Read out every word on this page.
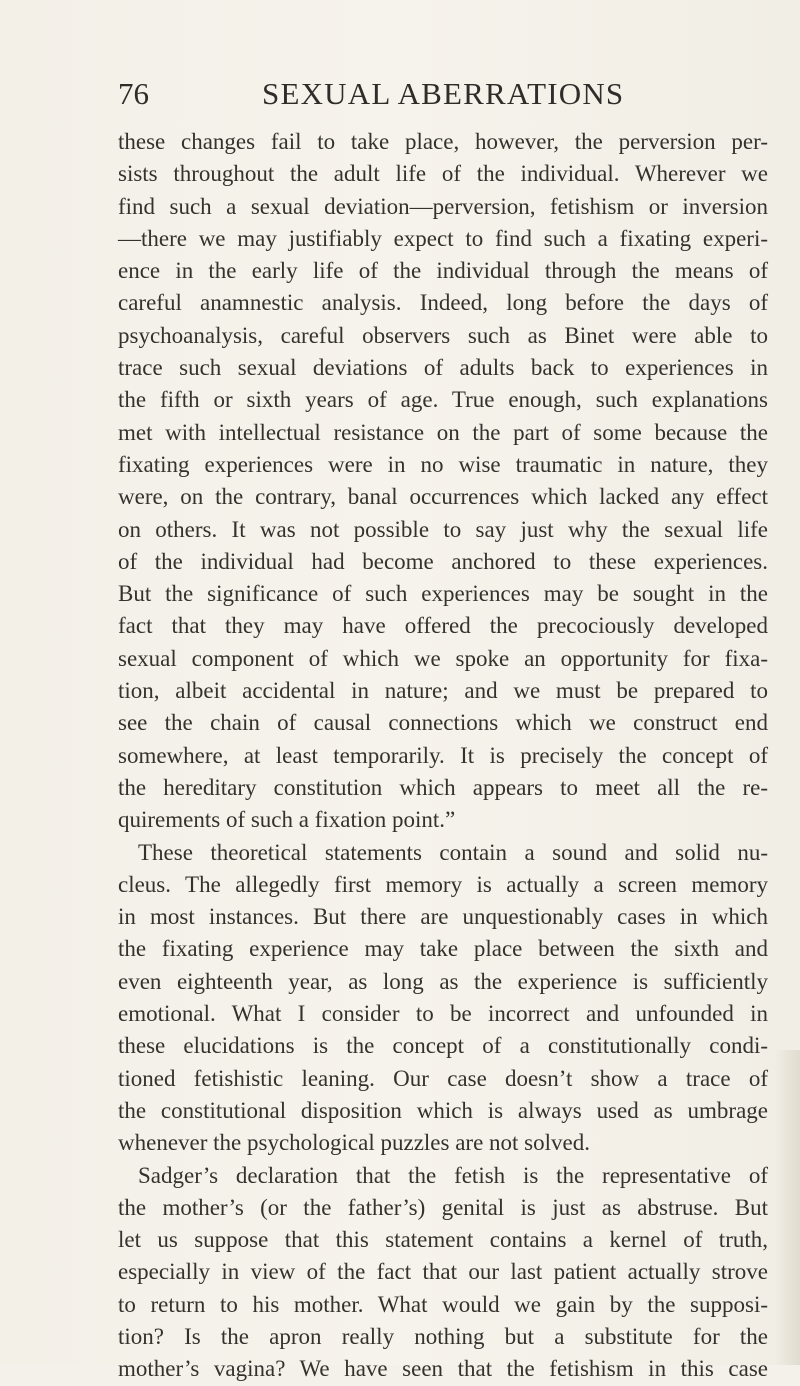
76	SEXUAL ABERRATIONS
these changes fail to take place, however, the perversion per-
sists throughout the adult life of the individual. Wherever we
find such a sexual deviation—perversion, fetishism or inversion
—there we may justifiably expect to find such a fixating experi-
ence in the early life of the individual through the means of
careful anamnestic analysis. Indeed, long before the days of
psychoanalysis, careful observers such as Binet were able to
trace such sexual deviations of adults back to experiences in
the fifth or sixth years of age. True enough, such explanations
met with intellectual resistance on the part of some because the
fixating experiences were in no wise traumatic in nature, they
were, on the contrary, banal occurrences which lacked any effect
on others. It was not possible to say just why the sexual life
of the individual had become anchored to these experiences.
But the significance of such experiences may be sought in the
fact that they may have offered the precociously developed
sexual component of which we spoke an opportunity for fixa-
tion, albeit accidental in nature; and we must be prepared to
see the chain of causal connections which we construct end
somewhere, at least temporarily. It is precisely the concept of
the hereditary constitution which appears to meet all the re-
quirements of such a fixation point.”
These theoretical statements contain a sound and solid nu-
cleus. The allegedly first memory is actually a screen memory
in most instances. But there are unquestionably cases in which
the fixating experience may take place between the sixth and
even eighteenth year, as long as the experience is sufficiently
emotional. What I consider to be incorrect and unfounded in
these elucidations is the concept of a constitutionally condi-
tioned fetishistic leaning. Our case doesn’t show a trace of
the constitutional disposition which is always used as umbrage
whenever the psychological puzzles are not solved.
Sadger’s declaration that the fetish is the representative of
the mother’s (or the father’s) genital is just as abstruse. But
let us suppose that this statement contains a kernel of truth,
especially in view of the fact that our last patient actually strove
to return to his mother. What would we gain by the supposi-
tion? Is the apron really nothing but a substitute for the
mother’s vagina? We have seen that the fetishism in this case
